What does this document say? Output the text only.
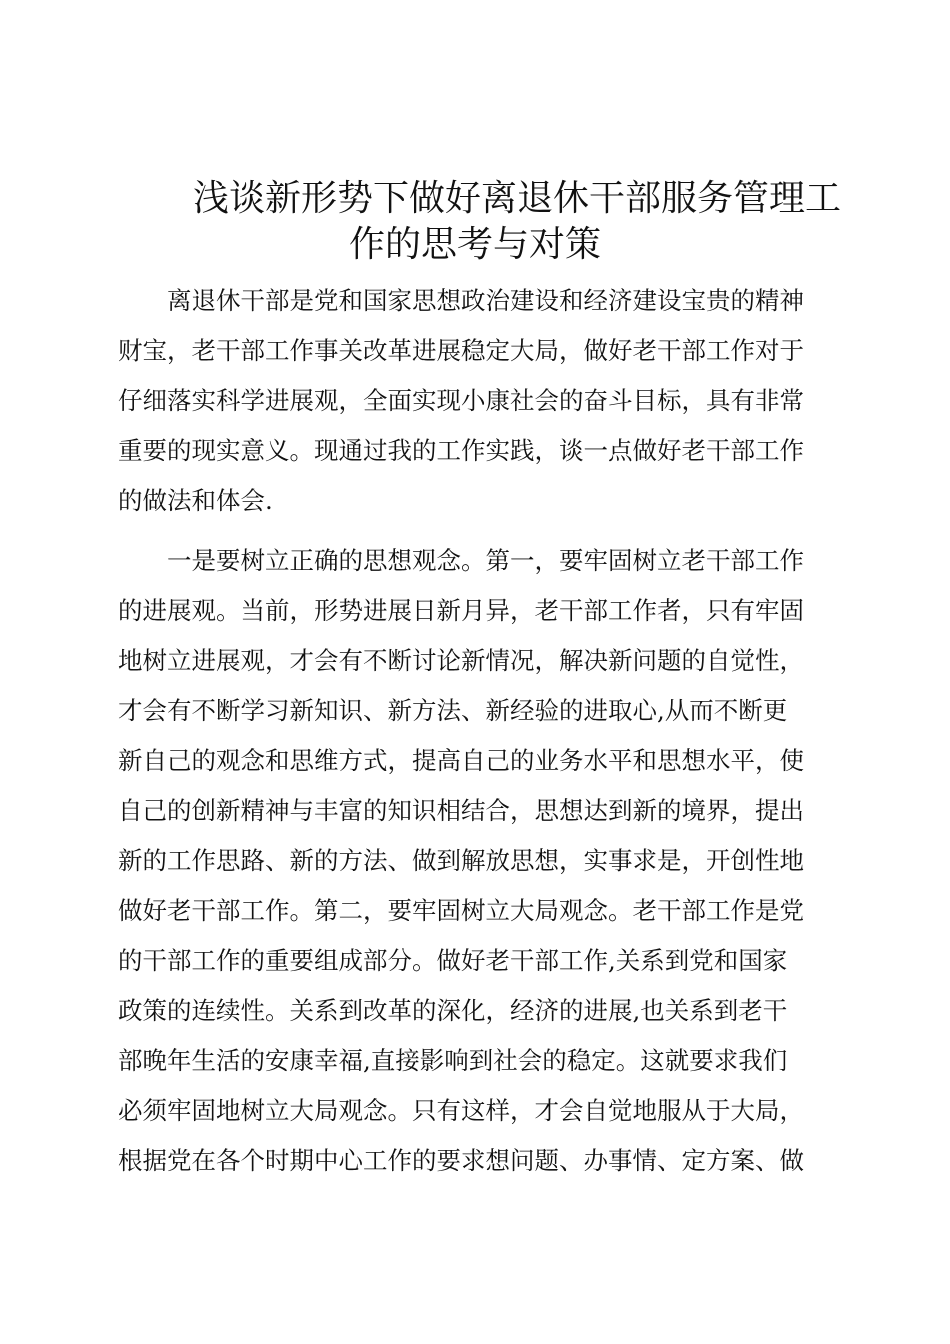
浅谈新形势下做好离退休干部服务管理工
作的思考与对策
离退休干部是党和国家思想政治建设和经济建设宝贵的精神
财宝，老干部工作事关改革进展稳定大局，做好老干部工作对于
仔细落实科学进展观，全面实现小康社会的奋斗目标，具有非常
重要的现实意义。现通过我的工作实践，谈一点做好老干部工作
的做法和体会.
一是要树立正确的思想观念。第一，要牢固树立老干部工作
的进展观。当前，形势进展日新月异，老干部工作者，只有牢固
地树立进展观，才会有不断讨论新情况，解决新问题的自觉性，
才会有不断学习新知识、新方法、新经验的进取心,从而不断更
新自己的观念和思维方式，提高自己的业务水平和思想水平，使
自己的创新精神与丰富的知识相结合，思想达到新的境界，提出
新的工作思路、新的方法、做到解放思想，实事求是，开创性地
做好老干部工作。第二，要牢固树立大局观念。老干部工作是党
的干部工作的重要组成部分。做好老干部工作,关系到党和国家
政策的连续性。关系到改革的深化，经济的进展,也关系到老干
部晚年生活的安康幸福,直接影响到社会的稳定。这就要求我们
必须牢固地树立大局观念。只有这样，才会自觉地服从于大局，
根据党在各个时期中心工作的要求想问题、办事情、定方案、做
